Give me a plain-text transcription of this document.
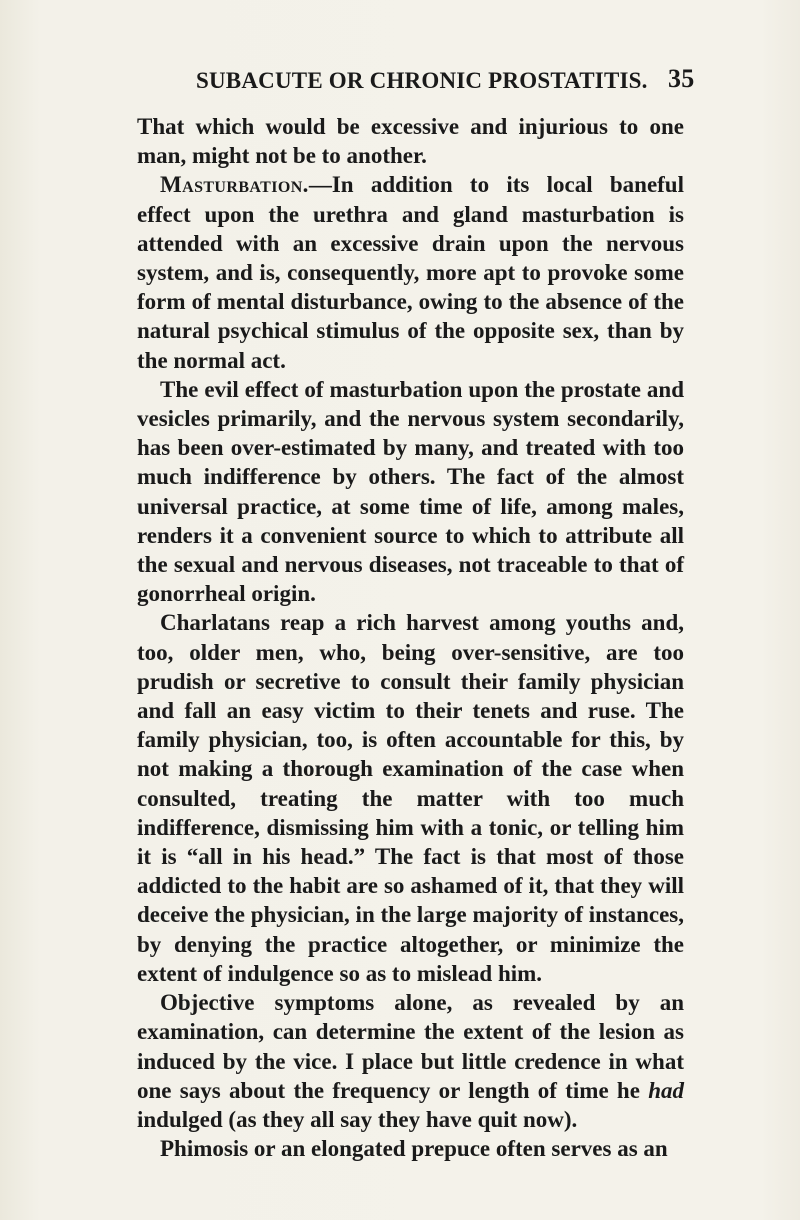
SUBACUTE OR CHRONIC PROSTATITIS. 35

That which would be excessive and injurious to one man, might not be to another.

Masturbation.—In addition to its local baneful effect upon the urethra and gland masturbation is attended with an excessive drain upon the nervous system, and is, consequently, more apt to provoke some form of mental disturbance, owing to the absence of the natural psychical stimulus of the opposite sex, than by the normal act.

The evil effect of masturbation upon the prostate and vesicles primarily, and the nervous system secondarily, has been over-estimated by many, and treated with too much indifference by others. The fact of the almost universal practice, at some time of life, among males, renders it a convenient source to which to attribute all the sexual and nervous diseases, not traceable to that of gonorrheal origin.

Charlatans reap a rich harvest among youths and, too, older men, who, being over-sensitive, are too prudish or secretive to consult their family physician and fall an easy victim to their tenets and ruse. The family physician, too, is often accountable for this, by not making a thorough examination of the case when consulted, treating the matter with too much indifference, dismissing him with a tonic, or telling him it is “all in his head.” The fact is that most of those addicted to the habit are so ashamed of it, that they will deceive the physician, in the large majority of instances, by denying the practice altogether, or minimize the extent of indulgence so as to mislead him.

Objective symptoms alone, as revealed by an examination, can determine the extent of the lesion as induced by the vice. I place but little credence in what one says about the frequency or length of time he had indulged (as they all say they have quit now).

Phimosis or an elongated prepuce often serves as an
